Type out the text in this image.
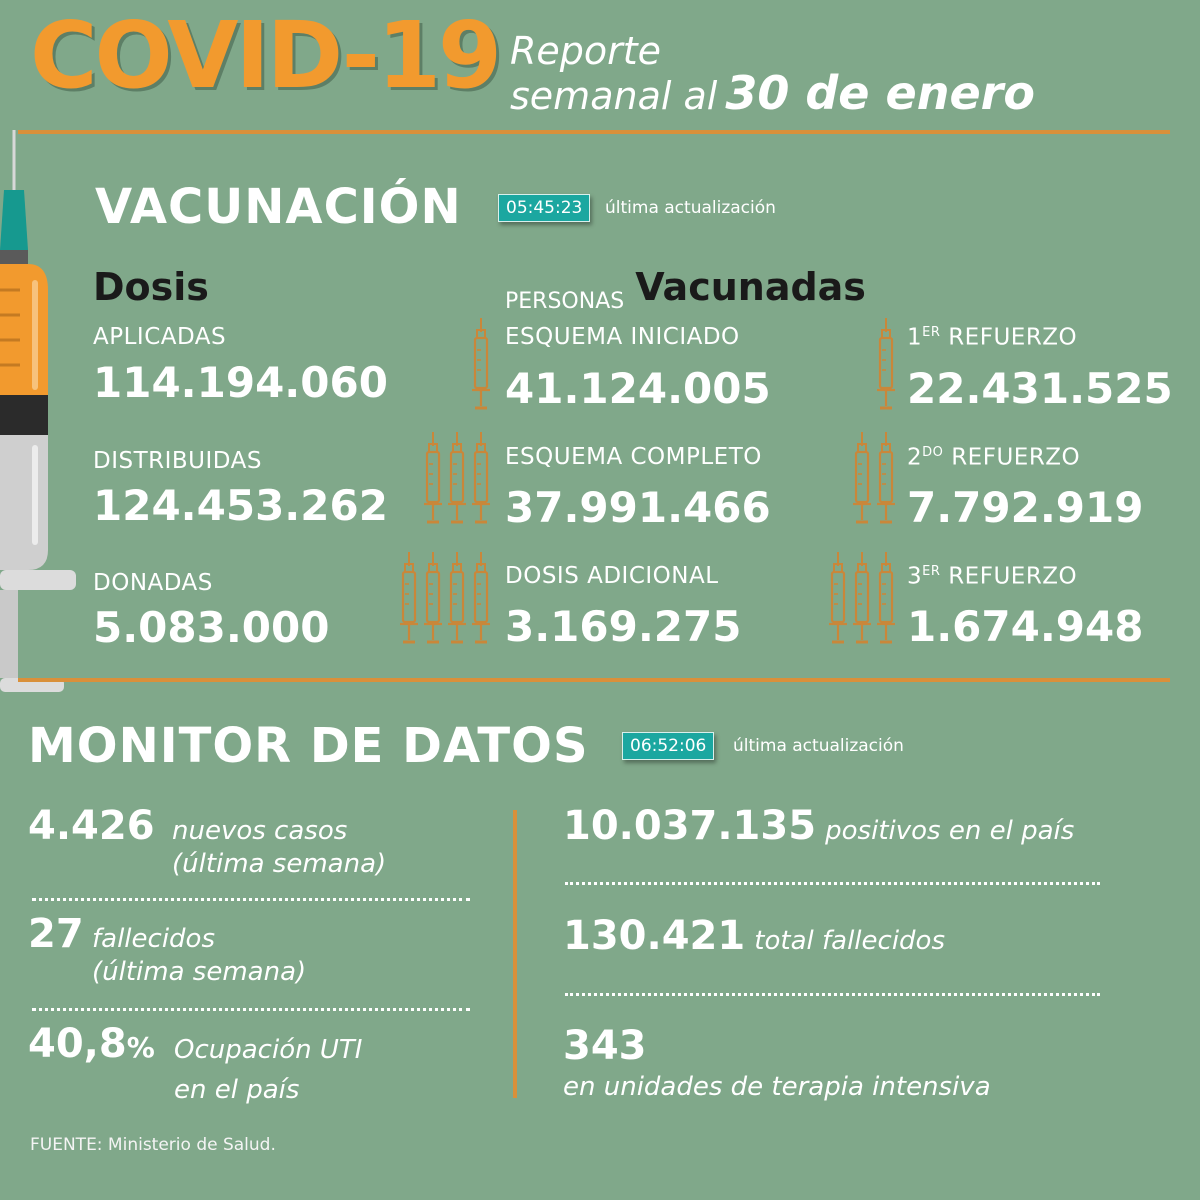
COVID-19 Reporte
semanal al 30 de enero
VACUNACIÓN	05:45:23	última actualización
Dosis	PERSONAS Vacunadas
APLICADAS
114.194.060
DISTRIBUIDAS
124.453.262
DONADAS
5.083.000
ESQUEMA INICIADO
41.124.005
ESQUEMA COMPLETO
37.991.466
DOSIS ADICIONAL
3.169.275
1ER REFUERZO
22.431.525
$2^{DO}$ REFUERZO
7.792.919
3ER REFUERZO
1.674.948
MONITOR DE DATOS	06:52:06	última actualización
4.426 nuevos casos
(última semana)
27 fallecidos
(última semana)
40,8% Ocupación UTI
en el país
10.037.135 positivos en el país
130.421 total fallecidos
343
en unidades de terapia intensiva
FUENTE: Ministerio de Salud.
